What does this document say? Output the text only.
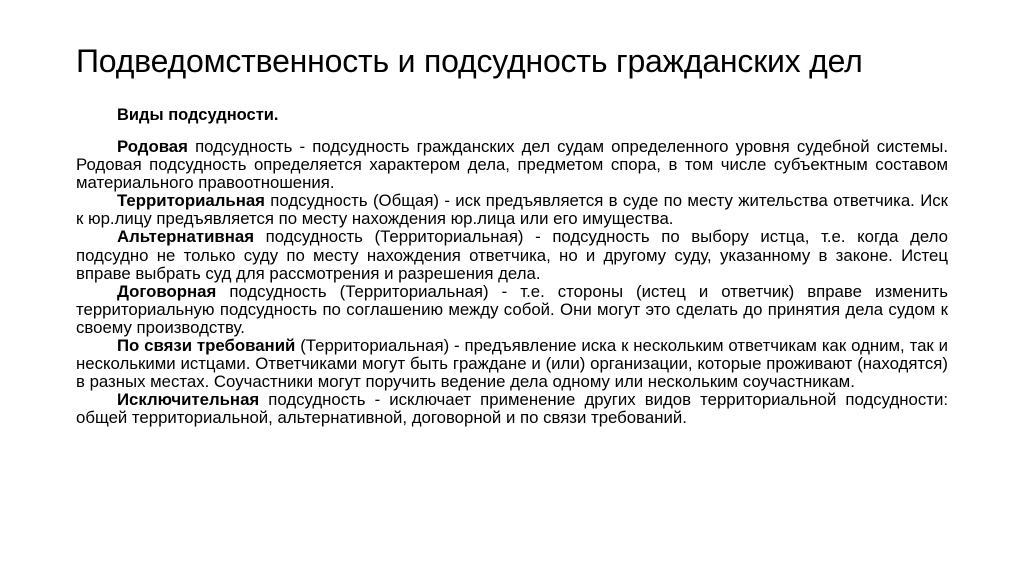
Подведомственность и подсудность гражданских дел
Виды подсудности.

Родовая подсудность - подсудность гражданских дел судам определенного уровня судебной системы. Родовая подсудность определяется характером дела, предметом спора, в том числе субъектным составом материального правоотношения.

Территориальная подсудность (Общая) - иск предъявляется в суде по месту жительства ответчика. Иск к юр.лицу предъявляется по месту нахождения юр.лица или его имущества.

Альтернативная подсудность (Территориальная) - подсудность по выбору истца, т.е. когда дело подсудно не только суду по месту нахождения ответчика, но и другому суду, указанному в законе. Истец вправе выбрать суд для рассмотрения и разрешения дела.

Договорная подсудность (Территориальная) - т.е. стороны (истец и ответчик) вправе изменить территориальную подсудность по соглашению между собой. Они могут это сделать до принятия дела судом к своему производству.

По связи требований (Территориальная) - предъявление иска к нескольким ответчикам как одним, так и несколькими истцами. Ответчиками могут быть граждане и (или) организации, которые проживают (находятся) в разных местах. Соучастники могут поручить ведение дела одному или нескольким соучастникам.

Исключительная подсудность - исключает применение других видов территориальной подсудности: общей территориальной, альтернативной, договорной и по связи требований.
